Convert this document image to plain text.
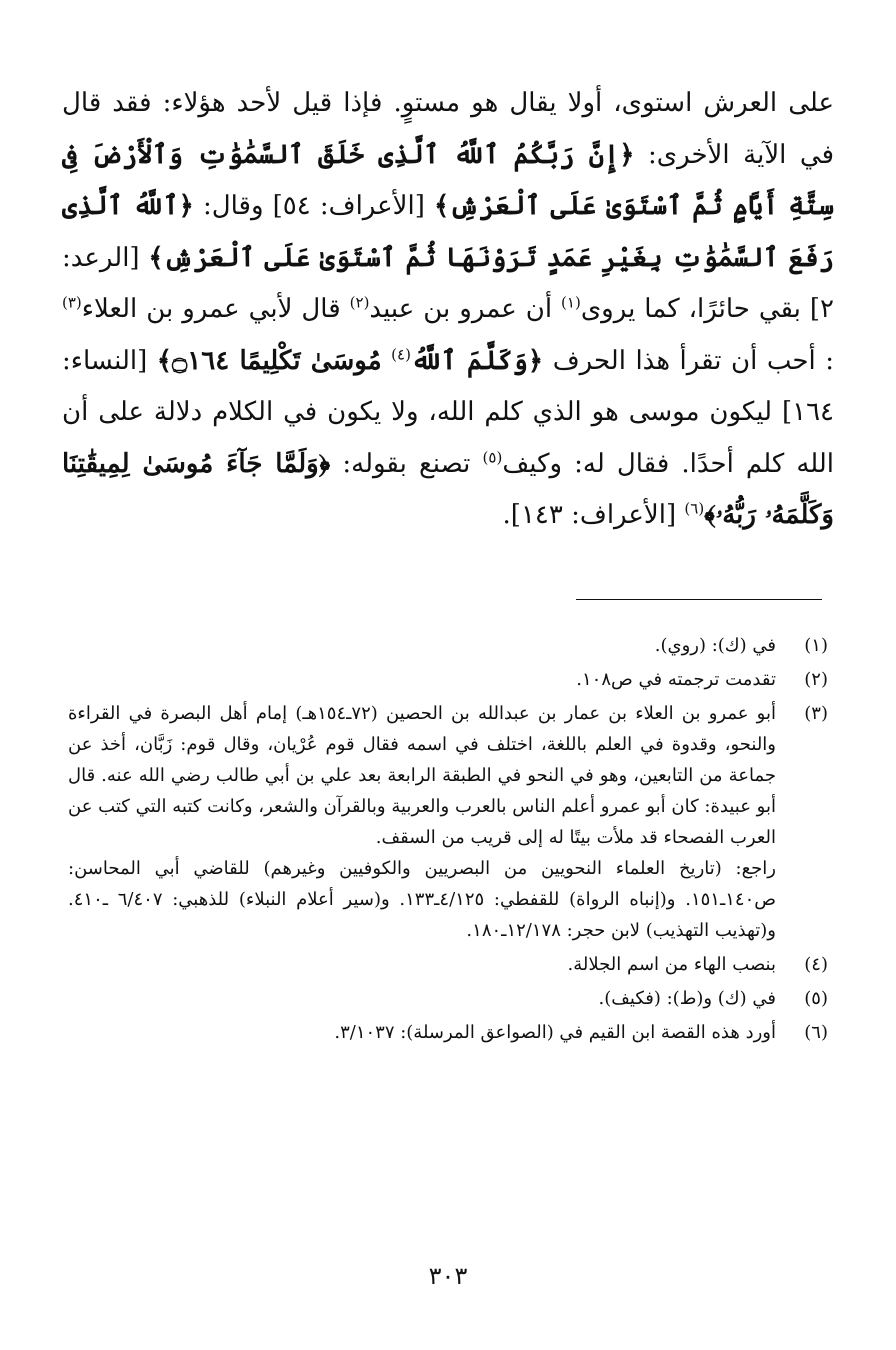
على العرش استوى، أولا يقال هو مستوٍ. فإذا قيل لأحد هؤلاء: فقد قال في الآية الأخرى: ﴿إِنَّ رَبَّكُمُ ٱللَّهُ ٱلَّذِى خَلَقَ ٱلسَّمَٰوَٰتِ وَٱلْأَرْضَ فِى سِتَّةِ أَيَّامٍ ثُمَّ ٱسْتَوَىٰ عَلَى ٱلْعَرْشِ﴾ [الأعراف: ٥٤] وقال: ﴿ٱللَّهُ ٱلَّذِى رَفَعَ ٱلسَّمَٰوَٰتِ بِغَيْرِ عَمَدٍ تَرَوْنَهَا ثُمَّ ٱسْتَوَىٰ عَلَى ٱلْعَرْشِ﴾ [الرعد: ٢] بقي حائرًا، كما يروى$^{(١)}$ أن عمرو بن عبيد$^{(٢)}$ قال لأبي عمرو بن العلاء$^{(٣)}$ : أحب أن تقرأ هذا الحرف ﴿وَكَلَّمَ ٱللَّهُ$^{(٤)}$ مُوسَىٰ تَكْلِيمًا ۝١٦٤﴾ [النساء: ١٦٤] ليكون موسى هو الذي كلم الله، ولا يكون في الكلام دلالة على أن الله كلم أحدًا. فقال له: وكيف$^{(٥)}$ تصنع بقوله: ﴿وَلَمَّا جَآءَ مُوسَىٰ لِمِيقَٰتِنَا وَكَلَّمَهُۥ رَبُّهُۥ﴾$^{(٦)}$ [الأعراف: ١٤٣].

(١)

في (ك): (روي).

(٢)

تقدمت ترجمته في ص١٠٨.

(٣)

أبو عمرو بن العلاء بن عمار بن عبدالله بن الحصين (٧٢ـ١٥٤هـ) إمام أهل البصرة في القراءة والنحو، وقدوة في العلم باللغة، اختلف في اسمه فقال قوم عُرْيان، وقال قوم: زَبَّان، أخذ عن جماعة من التابعين، وهو في النحو في الطبقة الرابعة بعد علي بن أبي طالب رضي الله عنه. قال أبو عبيدة: كان أبو عمرو أعلم الناس بالعرب والعربية وبالقرآن والشعر، وكانت كتبه التي كتب عن العرب الفصحاء قد ملأت بيتًا له إلى قريب من السقف.

راجع: (تاريخ العلماء النحويين من البصريين والكوفيين وغيرهم) للقاضي أبي المحاسن: ص١٤٠ـ١٥١. و(إنباه الرواة) للقفطي: ٤/١٢٥ـ١٣٣. و(سير أعلام النبلاء) للذهبي: ٦/٤٠٧ ـ٤١٠. و(تهذيب التهذيب) لابن حجر: ١٢/١٧٨ـ١٨٠.

(٤)

بنصب الهاء من اسم الجلالة.

(٥)

في (ك) و(ط): (فكيف).

(٦)

أورد هذه القصة ابن القيم في (الصواعق المرسلة): ٣/١٠٣٧.

٣٠٣
